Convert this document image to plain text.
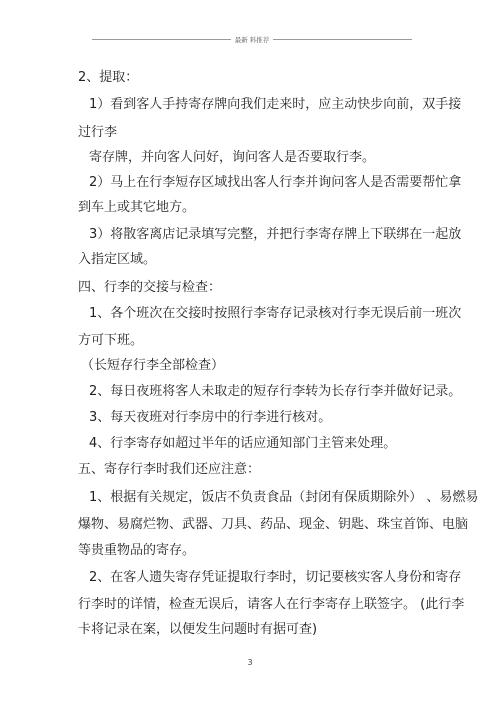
最新 料推荐
2、提取：
1）看到客人手持寄存牌向我们走来时，应主动快步向前，双手接
过行李
寄存牌，并向客人问好，询问客人是否要取行李。
2）马上在行李短存区域找出客人行李并询问客人是否需要帮忙拿
到车上或其它地方。
3）将散客离店记录填写完整，并把行李寄存牌上下联绑在一起放
入指定区域。
四、行李的交接与检查：
1、各个班次在交接时按照行李寄存记录核对行李无误后前一班次
方可下班。
（长短存行李全部检查）
2、每日夜班将客人未取走的短存行李转为长存行李并做好记录。
3、每天夜班对行李房中的行李进行核对。
4、行李寄存如超过半年的话应通知部门主管来处理。
五、寄存行李时我们还应注意：
1、根据有关规定，饭店不负责食品（封闭有保质期除外） 、易燃易
爆物、易腐烂物、武器、刀具、药品、现金、钥匙、珠宝首饰、电脑
等贵重物品的寄存。
2、在客人遗失寄存凭证提取行李时，切记要核实客人身份和寄存
行李时的详情，检查无误后，请客人在行李寄存上联签字。 (此行李
卡将记录在案，以便发生问题时有据可查)
3
